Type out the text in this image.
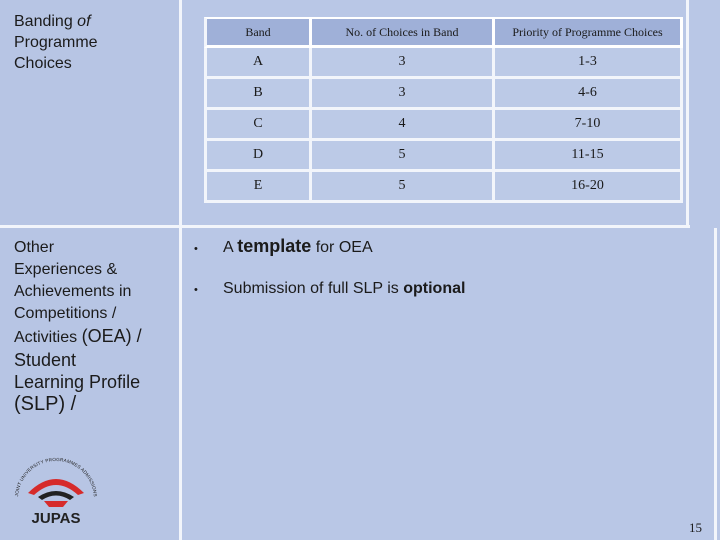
Banding of
Programme
Choices
Band	No. of Choices in Band	Priority of Programme Choices
A	3	1-3
B	3	4-6
C	4	7-10
D	5	11-15
E	5	16-20
Other
Experiences &
Achievements in
Competitions /
Activities (OEA) /
Student
Learning Profile
(SLP) /
•	A template for OEA
•	Submission of full SLP is optional
JOINT UNIVERSITY PROGRAMMES ADMISSIONS
JUPAS
15
